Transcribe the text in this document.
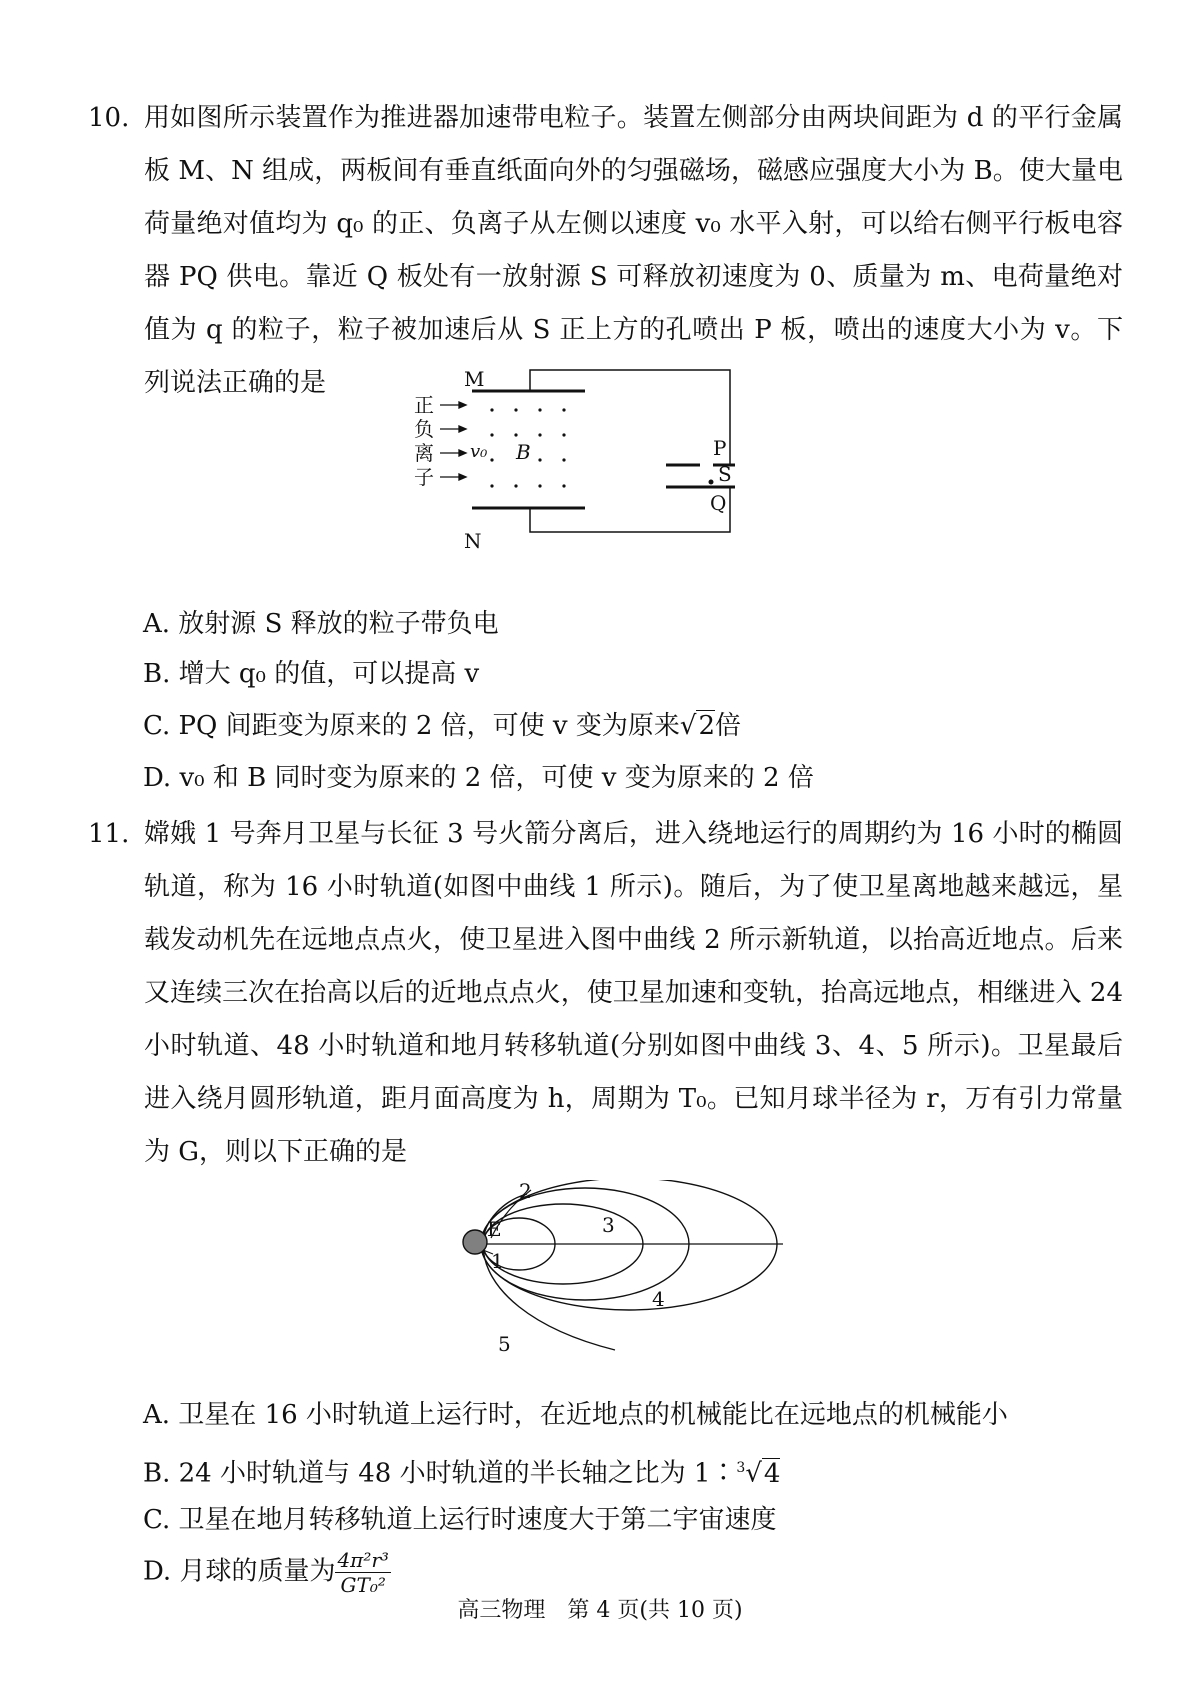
10. 用如图所示装置作为推进器加速带电粒子。装置左侧部分由两块间距为 d 的平行金属板 M、N 组成，两板间有垂直纸面向外的匀强磁场，磁感应强度大小为 B。使大量电荷量绝对值均为 q₀ 的正、负离子从左侧以速度 v₀ 水平入射，可以给右侧平行板电容器 PQ 供电。靠近 Q 板处有一放射源 S 可释放初速度为 0、质量为 m、电荷量绝对值为 q 的粒子，粒子被加速后从 S 正上方的孔喷出 P 板，喷出的速度大小为 v。下列说法正确的是

正
负
离
子
M
N
v₀ B	P
S
Q
A. 放射源 S 释放的粒子带负电
B. 增大 q₀ 的值，可以提高 v
C. PQ 间距变为原来的 2 倍，可使 v 变为原来√2倍
D. v₀ 和 B 同时变为原来的 2 倍，可使 v 变为原来的 2 倍
11. 嫦娥 1 号奔月卫星与长征 3 号火箭分离后，进入绕地运行的周期约为 16 小时的椭圆轨道，称为 16 小时轨道(如图中曲线 1 所示)。随后，为了使卫星离地越来越远，星载发动机先在远地点点火，使卫星进入图中曲线 2 所示新轨道，以抬高近地点。后来又连续三次在抬高以后的近地点点火，使卫星加速和变轨，抬高远地点，相继进入 24 小时轨道、48 小时轨道和地月转移轨道(分别如图中曲线 3、4、5 所示)。卫星最后进入绕月圆形轨道，距月面高度为 h，周期为 T₀。已知月球半径为 r，万有引力常量为 G，则以下正确的是

E
1
2
3
4
5
A. 卫星在 16 小时轨道上运行时，在近地点的机械能比在远地点的机械能小
B. 24 小时轨道与 48 小时轨道的半长轴之比为 1∶$^3$√4
C. 卫星在地月转移轨道上运行时速度大于第二宇宙速度
D. 月球的质量为 $\frac{\text{4π²r³}}{\text{GT₀²}}$
高三物理　第 4 页(共 10 页)
